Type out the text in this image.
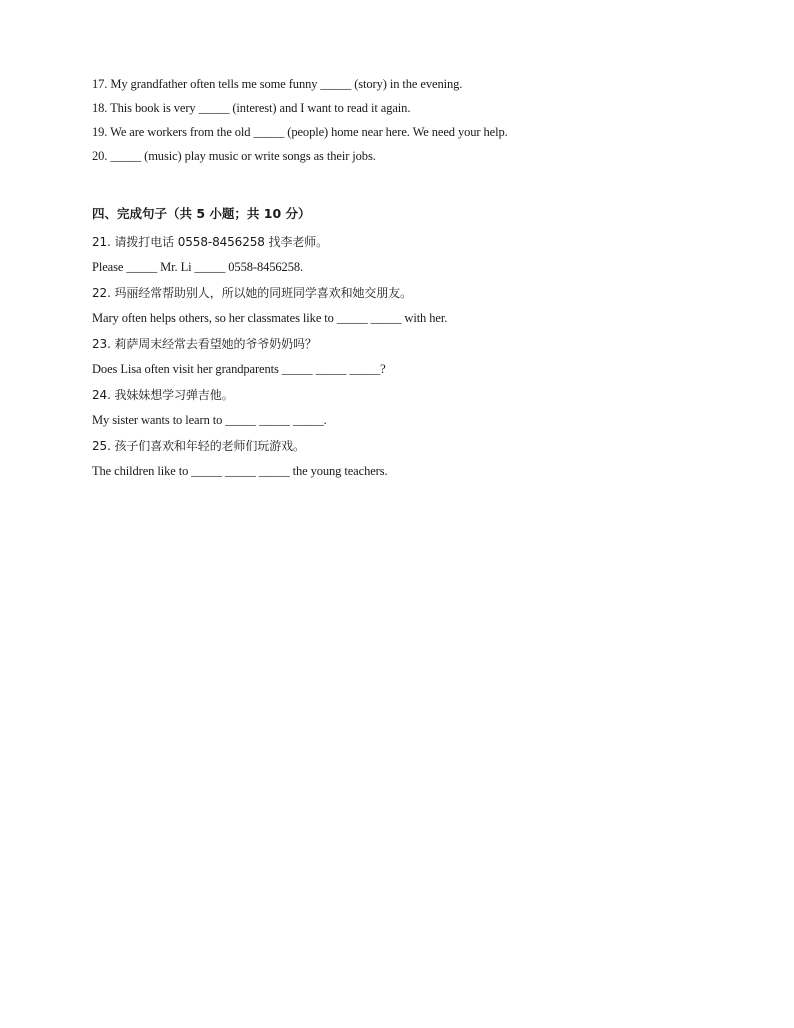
17. My grandfather often tells me some funny _____ (story) in the evening.
18. This book is very _____ (interest) and I want to read it again.
19. We are workers from the old _____ (people) home near here. We need your help.
20. _____ (music) play music or write songs as their jobs.
四、完成句子（共 5 小题；共 10 分）
21. 请拨打电话 0558-8456258 找李老师。
Please _____ Mr. Li _____ 0558-8456258.
22. 玛丽经常帮助别人，所以她的同班同学喜欢和她交朋友。
Mary often helps others, so her classmates like to _____ _____ with her.
23. 莉萨周末经常去看望她的爷爷奶奶吗？
Does Lisa often visit her grandparents _____ _____ _____?
24. 我妹妹想学习弹吉他。
My sister wants to learn to _____ _____ _____.
25. 孩子们喜欢和年轻的老师们玩游戏。
The children like to _____ _____ _____ the young teachers.
